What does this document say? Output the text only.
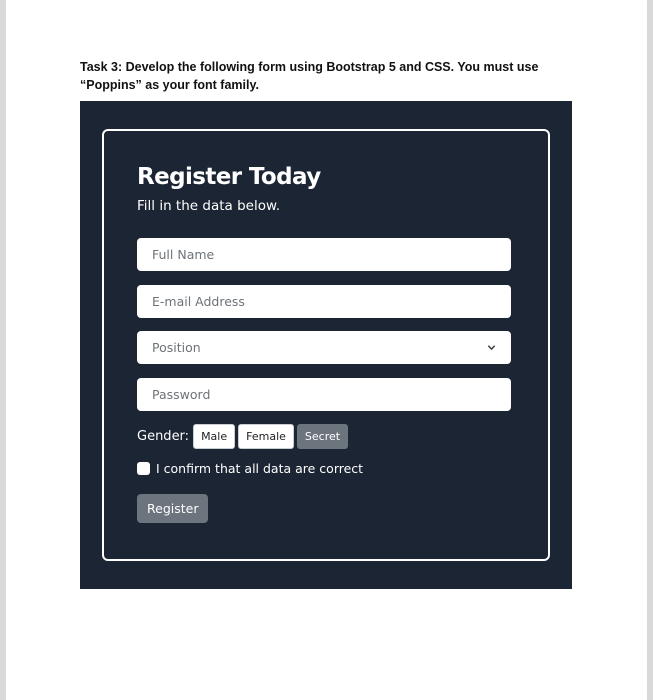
Task 3: Develop the following form using Bootstrap 5 and CSS. You must use “Poppins” as your font family.
Register Today
Fill in the data below.
Full Name
E-mail Address
Position
Gender:	Male	Female	Secret
I confirm that all data are correct
Register
